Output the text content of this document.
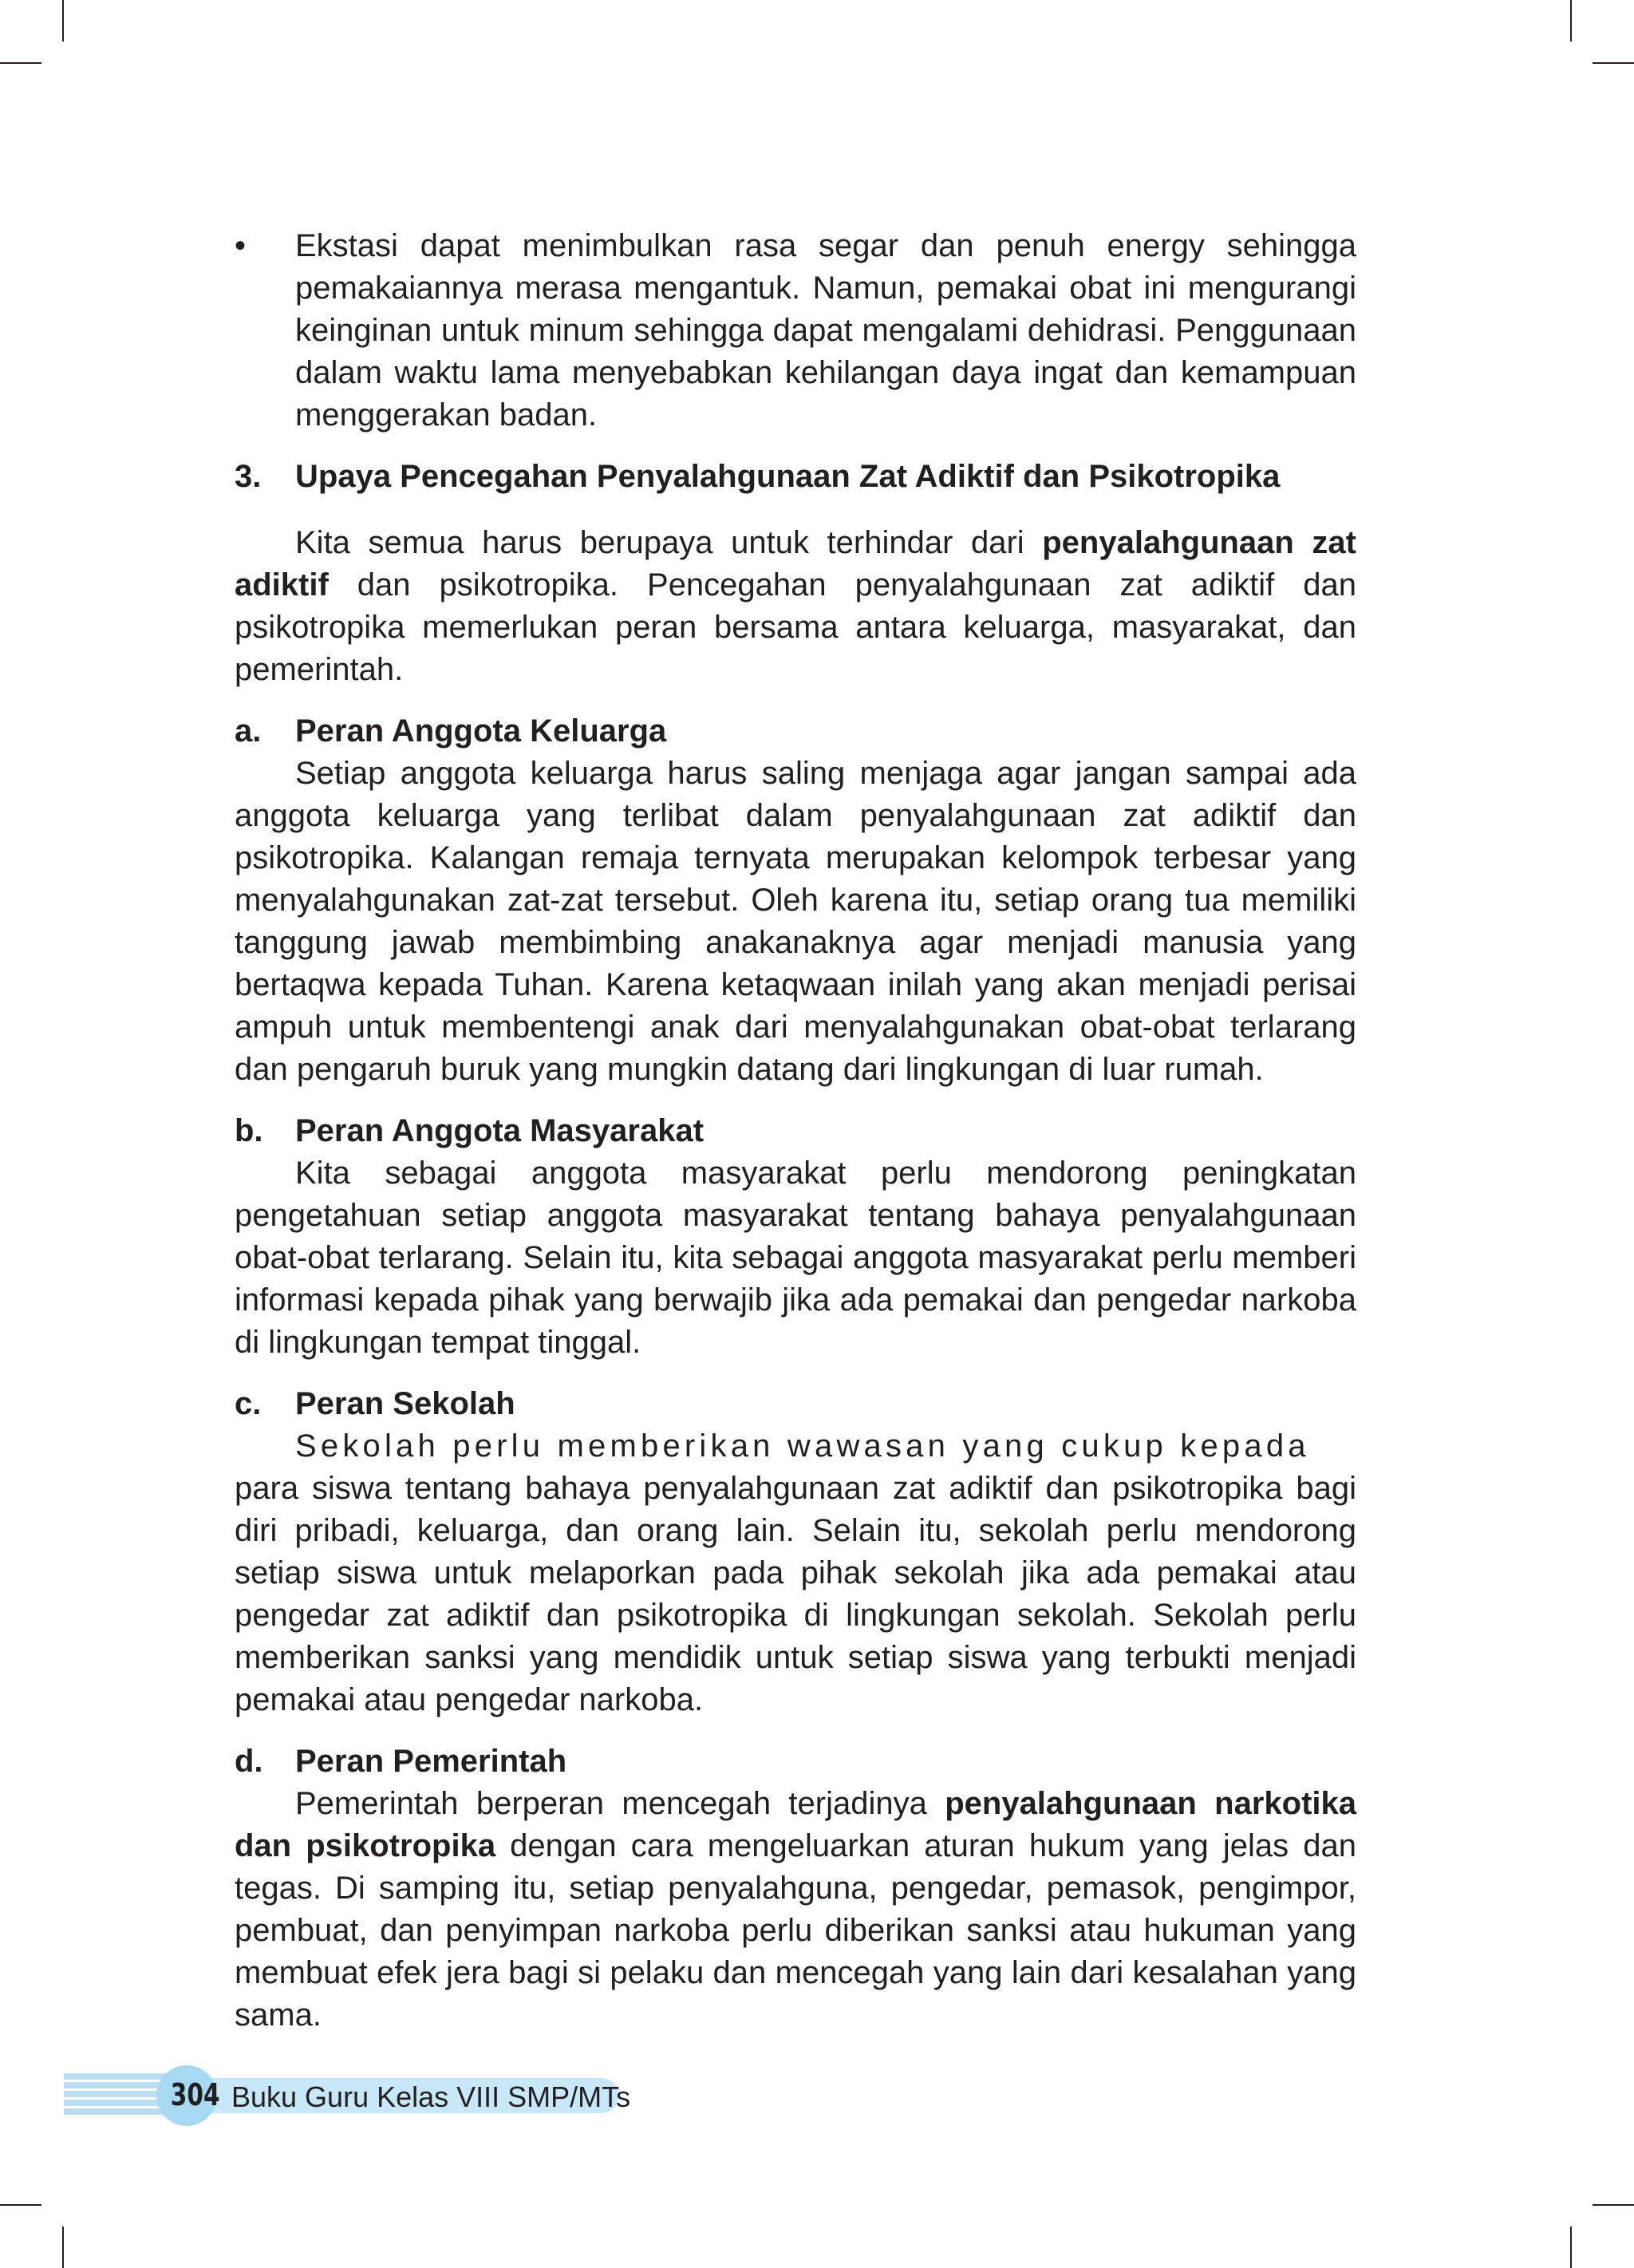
• Ekstasi dapat menimbulkan rasa segar dan penuh energy sehingga pemakaiannya merasa mengantuk. Namun, pemakai obat ini mengurangi keinginan untuk minum sehingga dapat mengalami dehidrasi. Penggunaan dalam waktu lama menyebabkan kehilangan daya ingat dan kemampuan menggerakan badan.

3. Upaya Pencegahan Penyalahgunaan Zat Adiktif dan Psikotropika

Kita semua harus berupaya untuk terhindar dari penyalahgunaan zat adiktif dan psikotropika. Pencegahan penyalahgunaan zat adiktif dan psikotropika memerlukan peran bersama antara keluarga, masyarakat, dan pemerintah.

a. Peran Anggota Keluarga

Setiap anggota keluarga harus saling menjaga agar jangan sampai ada anggota keluarga yang terlibat dalam penyalahgunaan zat adiktif dan psikotropika. Kalangan remaja ternyata merupakan kelompok terbesar yang menyalahgunakan zat-zat tersebut. Oleh karena itu, setiap orang tua memiliki tanggung jawab membimbing anakanaknya agar menjadi manusia yang bertaqwa kepada Tuhan. Karena ketaqwaan inilah yang akan menjadi perisai ampuh untuk membentengi anak dari menyalahgunakan obat-obat terlarang dan pengaruh buruk yang mungkin datang dari lingkungan di luar rumah.

b. Peran Anggota Masyarakat

Kita sebagai anggota masyarakat perlu mendorong peningkatan pengetahuan setiap anggota masyarakat tentang bahaya penyalahgunaan obat-obat terlarang. Selain itu, kita sebagai anggota masyarakat perlu memberi informasi kepada pihak yang berwajib jika ada pemakai dan pengedar narkoba di lingkungan tempat tinggal.

c. Peran Sekolah

Sekolah perlu memberikan wawasan yang cukup kepada

para siswa tentang bahaya penyalahgunaan zat adiktif dan psikotropika bagi diri pribadi, keluarga, dan orang lain. Selain itu, sekolah perlu mendorong setiap siswa untuk melaporkan pada pihak sekolah jika ada pemakai atau pengedar zat adiktif dan psikotropika di lingkungan sekolah. Sekolah perlu memberikan sanksi yang mendidik untuk setiap siswa yang terbukti menjadi pemakai atau pengedar narkoba.

d. Peran Pemerintah

Pemerintah berperan mencegah terjadinya penyalahgunaan narkotika dan psikotropika dengan cara mengeluarkan aturan hukum yang jelas dan tegas. Di samping itu, setiap penyalahguna, pengedar, pemasok, pengimpor, pembuat, dan penyimpan narkoba perlu diberikan sanksi atau hukuman yang membuat efek jera bagi si pelaku dan mencegah yang lain dari kesalahan yang sama.

304 Buku Guru Kelas VIII SMP/MTs
